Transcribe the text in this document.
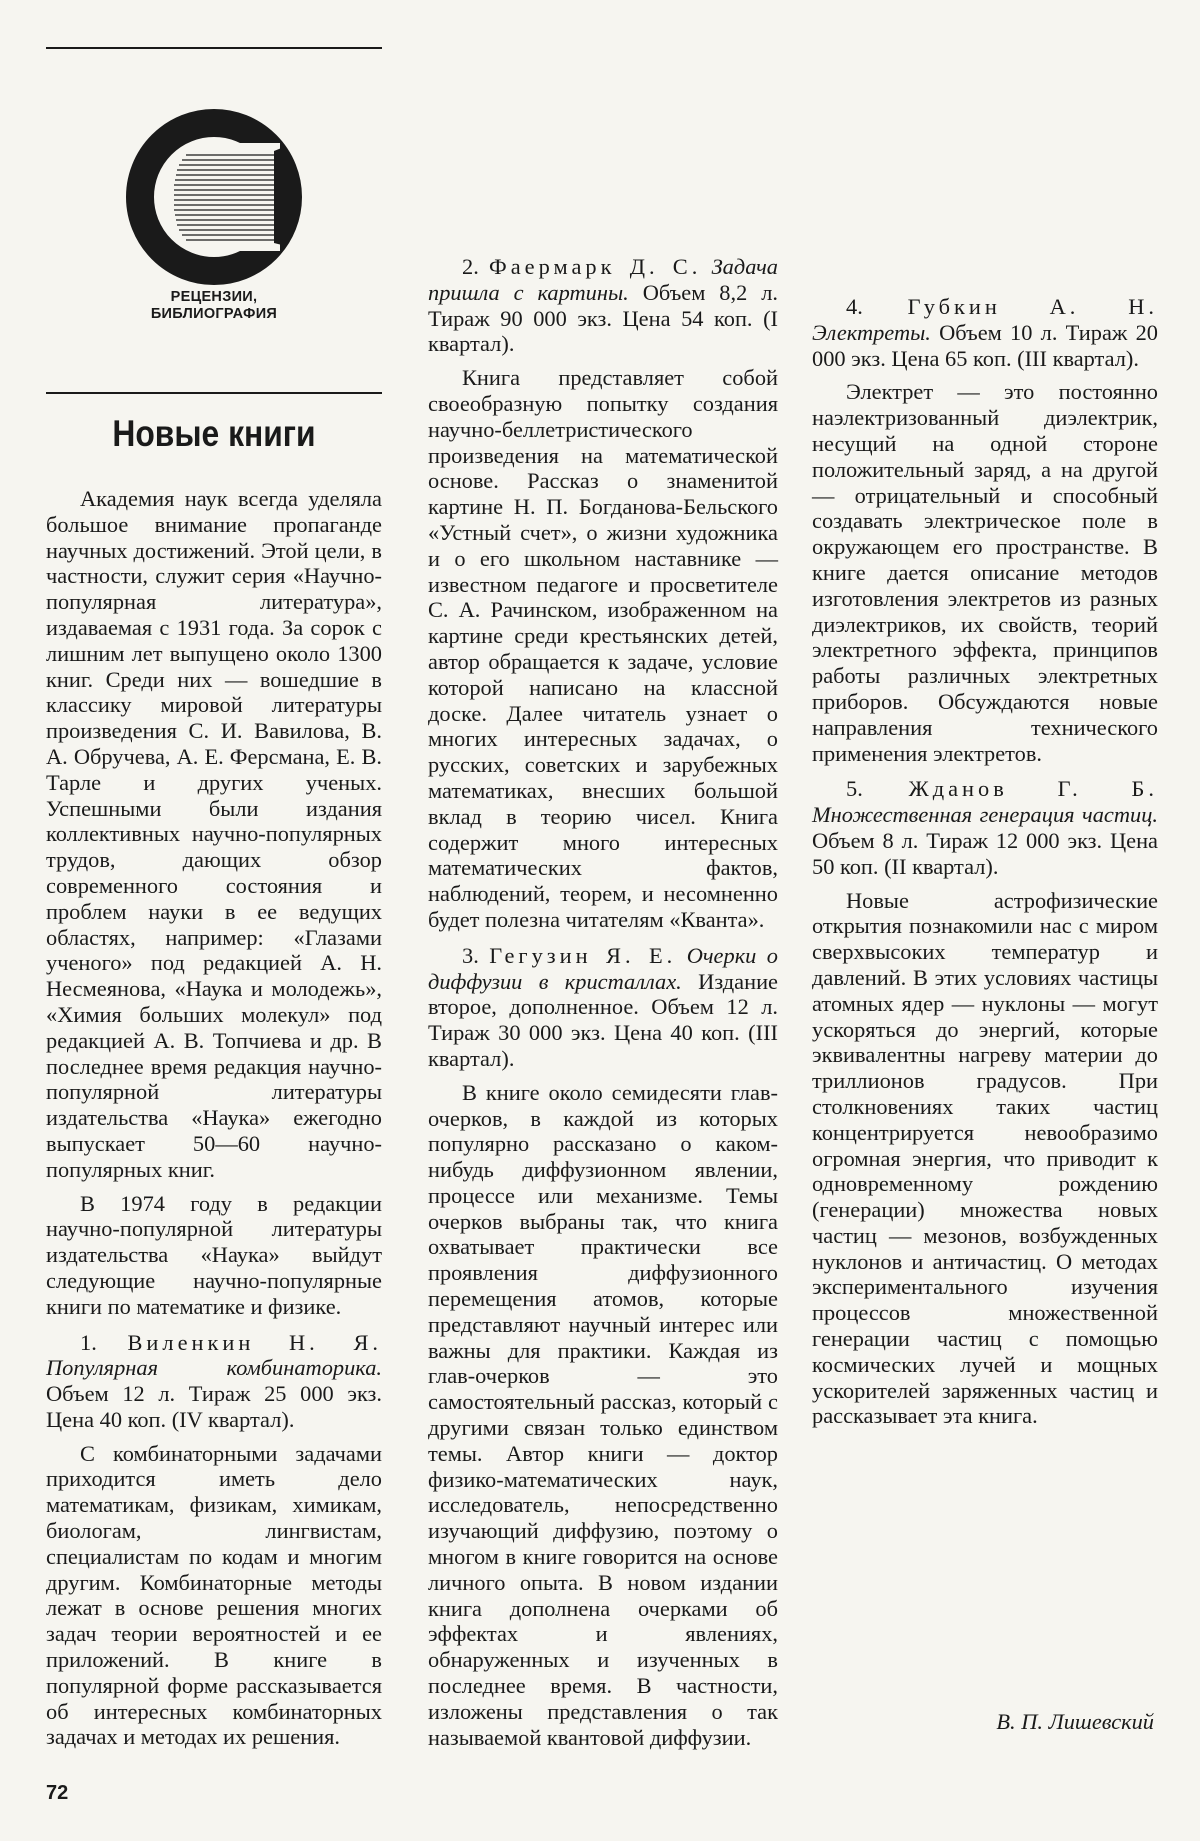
РЕЦЕНЗИИ,
БИБЛИОГРАФИЯ
Новые книги

Академия наук всегда уделяла большое внимание пропаганде научных достижений. Этой цели, в частности, служит серия «Научно-популярная литература», издаваемая с 1931 года. За сорок с лишним лет выпущено около 1300 книг. Среди них — вошедшие в классику мировой литературы произведения С. И. Вавилова, В. А. Обручева, А. Е. Ферсмана, Е. В. Тарле и других ученых. Успешными были издания коллективных научно-популярных трудов, дающих обзор современного состояния и проблем науки в ее ведущих областях, например: «Глазами ученого» под редакцией А. Н. Несмеянова, «Наука и молодежь», «Химия больших молекул» под редакцией А. В. Топчиева и др. В последнее время редакция научно-популярной литературы издательства «Наука» ежегодно выпускает 50—60 научно-популярных книг.

В 1974 году в редакции научно-популярной литературы издательства «Наука» выйдут следующие научно-популярные книги по математике и физике.

1. Виленкин Н. Я. Популярная комбинаторика. Объем 12 л. Тираж 25 000 экз. Цена 40 коп. (IV квартал).

С комбинаторными задачами приходится иметь дело математикам, физикам, химикам, биологам, лингвистам, специалистам по кодам и многим другим. Комбинаторные методы лежат в основе решения многих задач теории вероятностей и ее приложений. В книге в популярной форме рассказывается об интересных комбинаторных задачах и методах их решения.

2. Фаермарк Д. С. Задача пришла с картины. Объем 8,2 л. Тираж 90 000 экз. Цена 54 коп. (I квартал).

Книга представляет собой своеобразную попытку создания научно-беллетристического произведения на математической основе. Рассказ о знаменитой картине Н. П. Богданова-Бельского «Устный счет», о жизни художника и о его школьном наставнике — известном педагоге и просветителе С. А. Рачинском, изображенном на картине среди крестьянских детей, автор обращается к задаче, условие которой написано на классной доске. Далее читатель узнает о многих интересных задачах, о русских, советских и зарубежных математиках, внесших большой вклад в теорию чисел. Книга содержит много интересных математических фактов, наблюдений, теорем, и несомненно будет полезна читателям «Кванта».

3. Гегузин Я. Е. Очерки о диффузии в кристаллах. Издание второе, дополненное. Объем 12 л. Тираж 30 000 экз. Цена 40 коп. (III квартал).

В книге около семидесяти глав-очерков, в каждой из которых популярно рассказано о каком-нибудь диффузионном явлении, процессе или механизме. Темы очерков выбраны так, что книга охватывает практически все проявления диффузионного перемещения атомов, которые представляют научный интерес или важны для практики. Каждая из глав-очерков — это самостоятельный рассказ, который с другими связан только единством темы. Автор книги — доктор физико-математических наук, исследователь, непосредственно изучающий диффузию, поэтому о многом в книге говорится на основе личного опыта. В новом издании книга дополнена очерками об эффектах и явлениях, обнаруженных и изученных в последнее время. В частности, изложены представления о так называемой квантовой диффузии.

4. Губкин А. Н. Электреты. Объем 10 л. Тираж 20 000 экз. Цена 65 коп. (III квартал).

Электрет — это постоянно наэлектризованный диэлектрик, несущий на одной стороне положительный заряд, а на другой — отрицательный и способный создавать электрическое поле в окружающем его пространстве. В книге дается описание методов изготовления электретов из разных диэлектриков, их свойств, теорий электретного эффекта, принципов работы различных электретных приборов. Обсуждаются новые направления технического применения электретов.

5. Жданов Г. Б. Множественная генерация частиц. Объем 8 л. Тираж 12 000 экз. Цена 50 коп. (II квартал).

Новые астрофизические открытия познакомили нас с миром сверхвысоких температур и давлений. В этих условиях частицы атомных ядер — нуклоны — могут ускоряться до энергий, которые эквивалентны нагреву материи до триллионов градусов. При столкновениях таких частиц концентрируется невообразимо огромная энергия, что приводит к одновременному рождению (генерации) множества новых частиц — мезонов, возбужденных нуклонов и античастиц. О методах экспериментального изучения процессов множественной генерации частиц с помощью космических лучей и мощных ускорителей заряженных частиц и рассказывает эта книга.

В. П. Лишевский
72
